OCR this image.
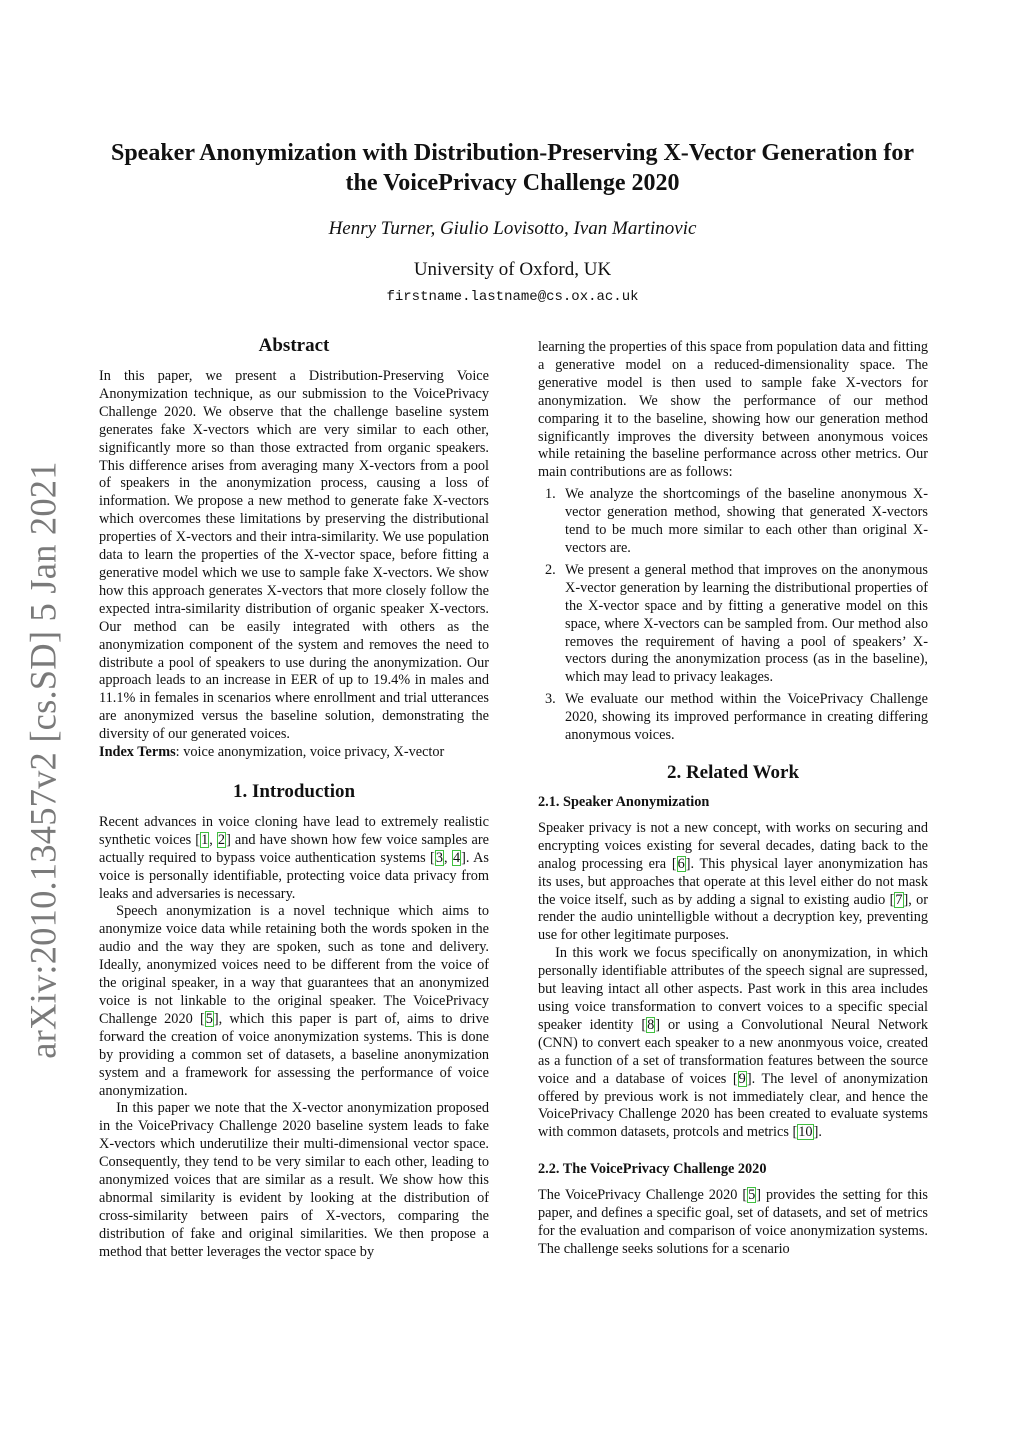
arXiv:2010.13457v2 [cs.SD] 5 Jan 2021
Speaker Anonymization with Distribution-Preserving X-Vector Generation for
the VoicePrivacy Challenge 2020
Henry Turner, Giulio Lovisotto, Ivan Martinovic
University of Oxford, UK
firstname.lastname@cs.ox.ac.uk
Abstract

In this paper, we present a Distribution-Preserving Voice Anonymization technique, as our submission to the VoicePrivacy Challenge 2020. We observe that the challenge baseline system generates fake X-vectors which are very similar to each other, significantly more so than those extracted from organic speakers. This difference arises from averaging many X-vectors from a pool of speakers in the anonymization process, causing a loss of information. We propose a new method to generate fake X-vectors which overcomes these limitations by preserving the distributional properties of X-vectors and their intra-similarity. We use population data to learn the properties of the X-vector space, before fitting a generative model which we use to sample fake X-vectors. We show how this approach generates X-vectors that more closely follow the expected intra-similarity distribution of organic speaker X-vectors. Our method can be easily integrated with others as the anonymization component of the system and removes the need to distribute a pool of speakers to use during the anonymization. Our approach leads to an increase in EER of up to 19.4% in males and 11.1% in females in scenarios where enrollment and trial utterances are anonymized versus the baseline solution, demonstrating the diversity of our generated voices.

Index Terms: voice anonymization, voice privacy, X-vector

1. Introduction

Recent advances in voice cloning have lead to extremely realistic synthetic voices [1, 2] and have shown how few voice samples are actually required to bypass voice authentication systems [3, 4]. As voice is personally identifiable, protecting voice data privacy from leaks and adversaries is necessary.

Speech anonymization is a novel technique which aims to anonymize voice data while retaining both the words spoken in the audio and the way they are spoken, such as tone and delivery. Ideally, anonymized voices need to be different from the voice of the original speaker, in a way that guarantees that an anonymized voice is not linkable to the original speaker. The VoicePrivacy Challenge 2020 [5], which this paper is part of, aims to drive forward the creation of voice anonymization systems. This is done by providing a common set of datasets, a baseline anonymization system and a framework for assessing the performance of voice anonymization.

In this paper we note that the X-vector anonymization proposed in the VoicePrivacy Challenge 2020 baseline system leads to fake X-vectors which underutilize their multi-dimensional vector space. Consequently, they tend to be very similar to each other, leading to anonymized voices that are similar as a result. We show how this abnormal similarity is evident by looking at the distribution of cross-similarity between pairs of X-vectors, comparing the distribution of fake and original similarities. We then propose a method that better leverages the vector space by

learning the properties of this space from population data and fitting a generative model on a reduced-dimensionality space. The generative model is then used to sample fake X-vectors for anonymization. We show the performance of our method comparing it to the baseline, showing how our generation method significantly improves the diversity between anonymous voices while retaining the baseline performance across other metrics. Our main contributions are as follows:

1. We analyze the shortcomings of the baseline anonymous X-vector generation method, showing that generated X-vectors tend to be much more similar to each other than original X-vectors are.
2. We present a general method that improves on the anonymous X-vector generation by learning the distributional properties of the X-vector space and by fitting a generative model on this space, where X-vectors can be sampled from. Our method also removes the requirement of having a pool of speakers’ X-vectors during the anonymization process (as in the baseline), which may lead to privacy leakages.
3. We evaluate our method within the VoicePrivacy Challenge 2020, showing its improved performance in creating differing anonymous voices.
2. Related Work
2.1. Speaker Anonymization

Speaker privacy is not a new concept, with works on securing and encrypting voices existing for several decades, dating back to the analog processing era [6]. This physical layer anonymization has its uses, but approaches that operate at this level either do not mask the voice itself, such as by adding a signal to existing audio [7], or render the audio unintelligble without a decryption key, preventing use for other legitimate purposes.

In this work we focus specifically on anonymization, in which personally identifiable attributes of the speech signal are supressed, but leaving intact all other aspects. Past work in this area includes using voice transformation to convert voices to a specific special speaker identity [8] or using a Convolutional Neural Network (CNN) to convert each speaker to a new anonmyous voice, created as a function of a set of transformation features between the source voice and a database of voices [9]. The level of anonymization offered by previous work is not immediately clear, and hence the VoicePrivacy Challenge 2020 has been created to evaluate systems with common datasets, protcols and metrics [10].

2.2. The VoicePrivacy Challenge 2020

The VoicePrivacy Challenge 2020 [5] provides the setting for this paper, and defines a specific goal, set of datasets, and set of metrics for the evaluation and comparison of voice anonymization systems. The challenge seeks solutions for a scenario
